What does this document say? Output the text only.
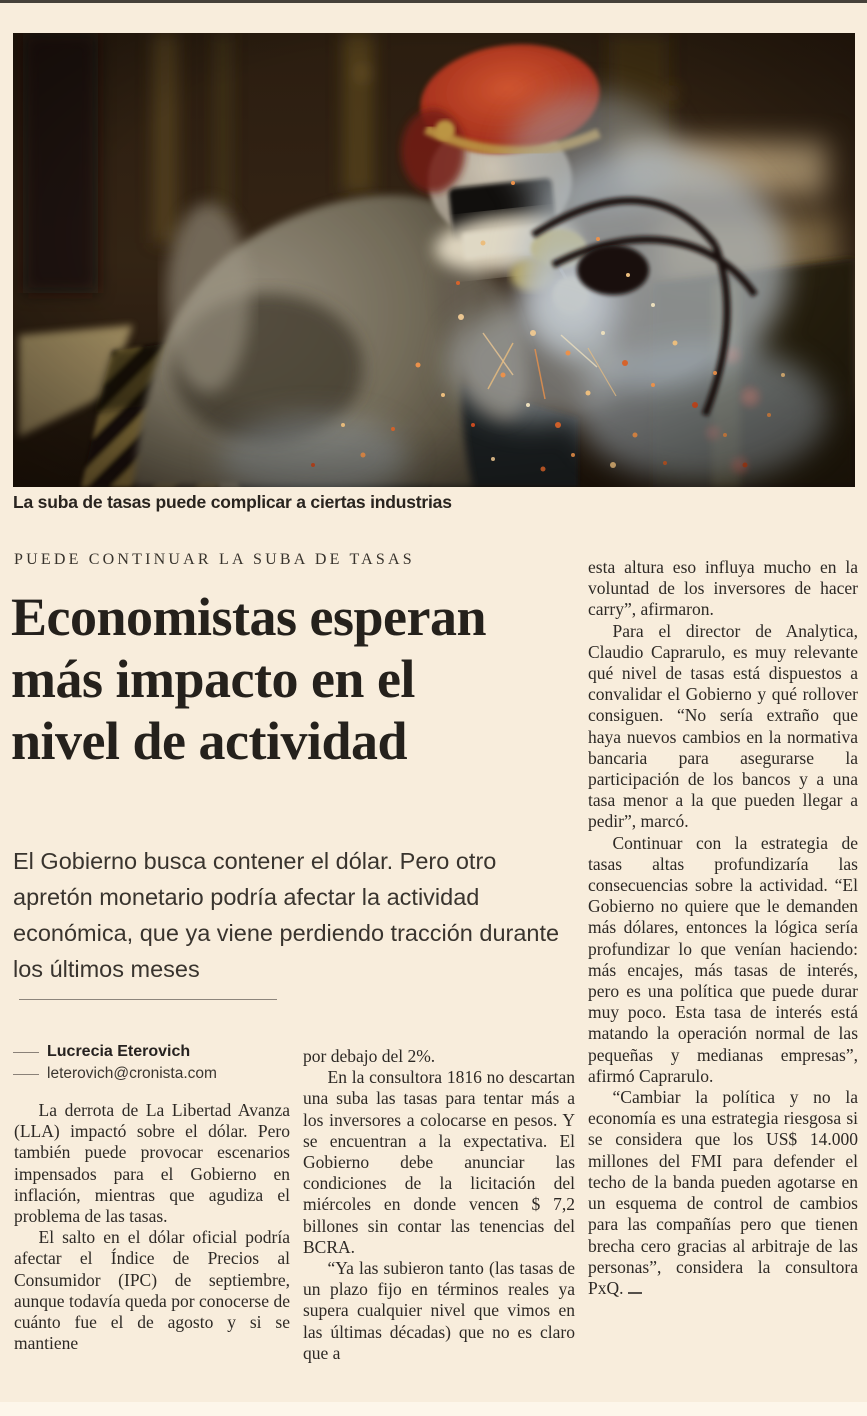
La suba de tasas puede complicar a ciertas industrias
PUEDE CONTINUAR LA SUBA DE TASAS
Economistas esperan
más impacto en el
nivel de actividad
El Gobierno busca contener el dólar. Pero otro apretón monetario podría afectar la actividad económica, que ya viene perdiendo tracción durante los últimos meses
Lucrecia Eterovich
leterovich@cronista.com

La derrota de La Libertad Avanza (LLA) impactó sobre el dólar. Pero también puede provocar escenarios impensados para el Gobierno en inflación, mientras que agudiza el problema de las tasas.

El salto en el dólar oficial podría afectar el Índice de Precios al Consumidor (IPC) de septiembre, aunque todavía queda por conocerse de cuánto fue el de agosto y si se mantiene

por debajo del 2%.

En la consultora 1816 no descartan una suba las tasas para tentar más a los inversores a colocarse en pesos. Y se encuentran a la expectativa. El Gobierno debe anunciar las condiciones de la licitación del miércoles en donde vencen $ 7,2 billones sin contar las tenencias del BCRA.

“Ya las subieron tanto (las tasas de un plazo fijo en términos reales ya supera cualquier nivel que vimos en las últimas décadas) que no es claro que a

esta altura eso influya mucho en la voluntad de los inversores de hacer carry”, afirmaron.

Para el director de Analytica, Claudio Caprarulo, es muy relevante qué nivel de tasas está dispuestos a convalidar el Gobierno y qué rollover consiguen. “No sería extraño que haya nuevos cambios en la normativa bancaria para asegurarse la participación de los bancos y a una tasa menor a la que pueden llegar a pedir”, marcó.

Continuar con la estrategia de tasas altas profundizaría las consecuencias sobre la actividad. “El Gobierno no quiere que le demanden más dólares, entonces la lógica sería profundizar lo que venían haciendo: más encajes, más tasas de interés, pero es una política que puede durar muy poco. Esta tasa de interés está matando la operación normal de las pequeñas y medianas empresas”, afirmó Caprarulo.

“Cambiar la política y no la economía es una estrategia riesgosa si se considera que los US$ 14.000 millones del FMI para defender el techo de la banda pueden agotarse en un esquema de control de cambios para las compañías pero que tienen brecha cero gracias al arbitraje de las personas”, considera la consultora PxQ.
